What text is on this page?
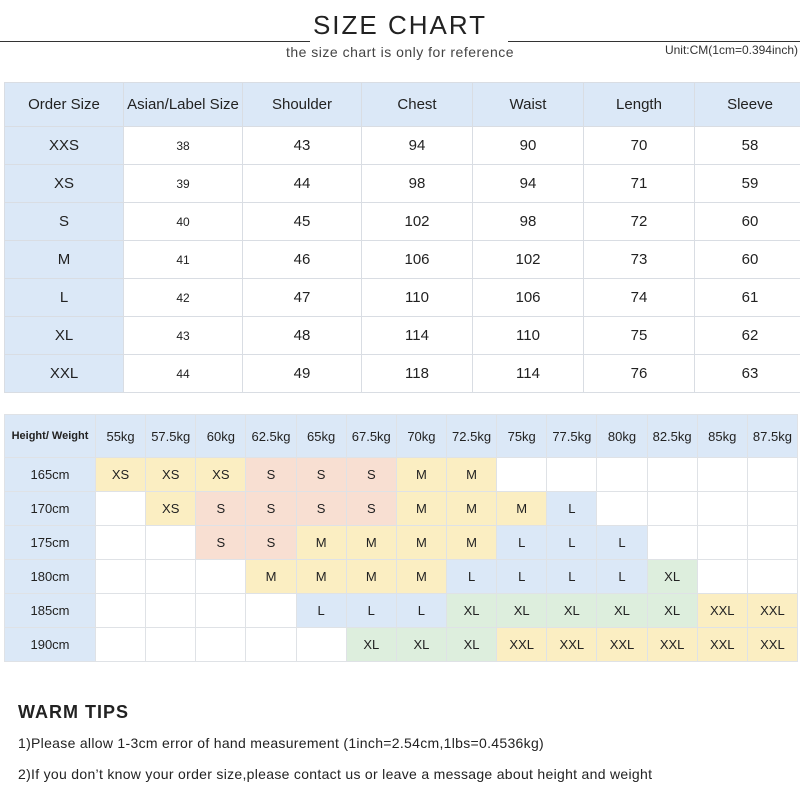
SIZE CHART
the size chart is only for reference	Unit:CM(1cm=0.394inch)
Order Size	Asian/Label Size	Shoulder	Chest	Waist	Length	Sleeve
XXS	38	43	94	90	70	58
XS	39	44	98	94	71	59
S	40	45	102	98	72	60
M	41	46	106	102	73	60
L	42	47	110	106	74	61
XL	43	48	114	110	75	62
XXL	44	49	118	114	76	63
Height/ Weight	55kg	57.5kg	60kg	62.5kg	65kg	67.5kg	70kg	72.5kg	75kg	77.5kg	80kg	82.5kg	85kg	87.5kg
165cm	XS	XS	XS	S	S	S	M	M						
170cm		XS	S	S	S	S	M	M	M	L				
175cm			S	S	M	M	M	M	L	L	L			
180cm				M	M	M	M	L	L	L	L	XL		
185cm					L	L	L	XL	XL	XL	XL	XL	XXL	XXL
190cm						XL	XL	XL	XXL	XXL	XXL	XXL	XXL	XXL
WARM TIPS
1)Please allow 1-3cm error of hand measurement (1inch=2.54cm,1lbs=0.4536kg)
2)If you don’t know your order size,please contact us or leave a message about height and weight
